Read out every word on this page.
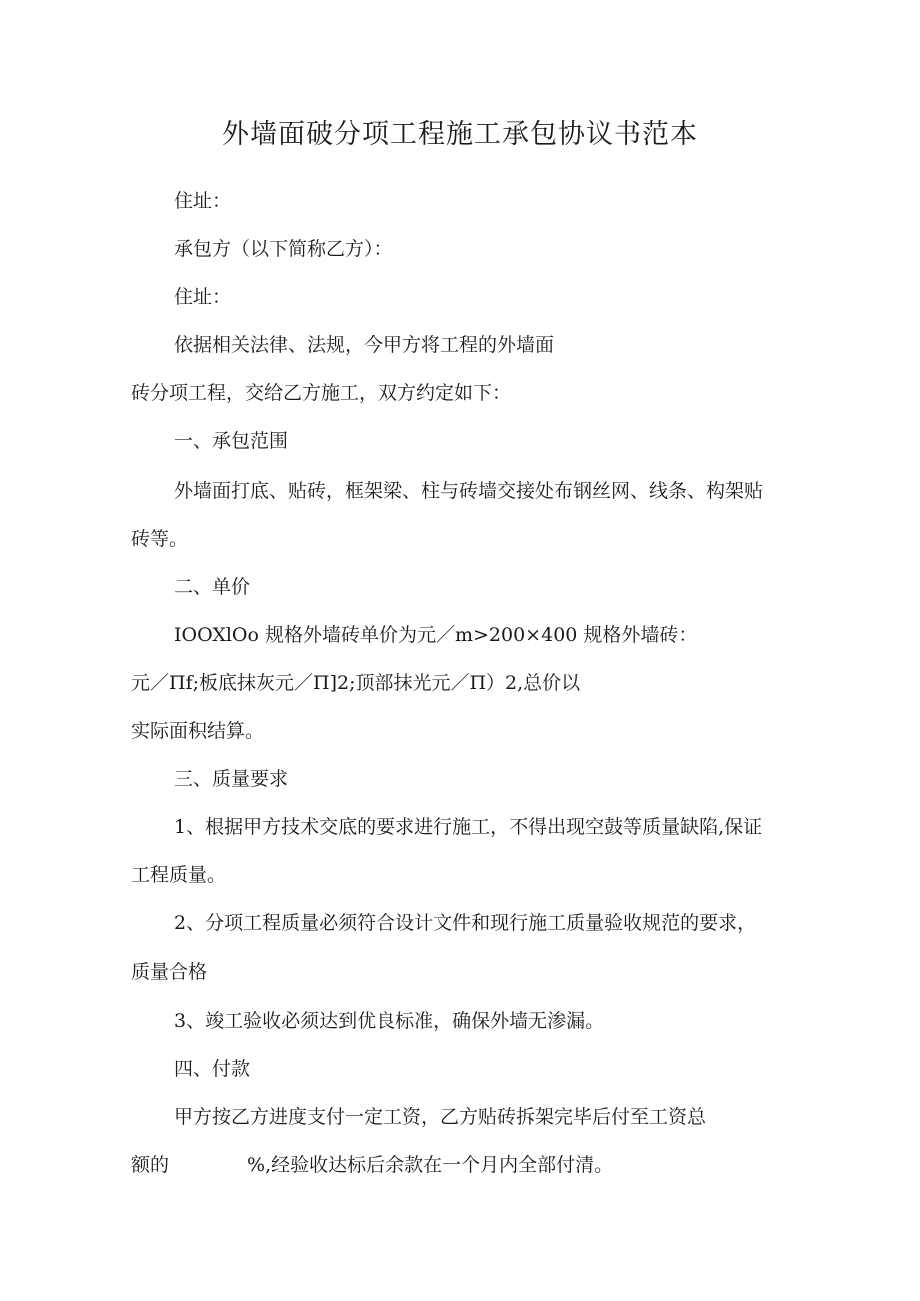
外墙面破分项工程施工承包协议书范本
住址：
承包方（以下简称乙方）：
住址：
依据相关法律、法规，今甲方将工程的外墙面
砖分项工程，交给乙方施工，双方约定如下：
一、承包范围
外墙面打底、贴砖，框架梁、柱与砖墙交接处布钢丝网、线条、构架贴
砖等。
二、单价
IOOXlOo 规格外墙砖单价为元／m>200×400 规格外墙砖：
元／Пf;板底抹灰元／П]2;顶部抹光元／П）2,总价以
实际面积结算。
三、质量要求
1、根据甲方技术交底的要求进行施工，不得出现空鼓等质量缺陷,保证
工程质量。
2、分项工程质量必须符合设计文件和现行施工质量验收规范的要求，
质量合格
3、竣工验收必须达到优良标准，确保外墙无渗漏。
四、付款
甲方按乙方进度支付一定工资，乙方贴砖拆架完毕后付至工资总
额的	%,经验收达标后余款在一个月内全部付清。
